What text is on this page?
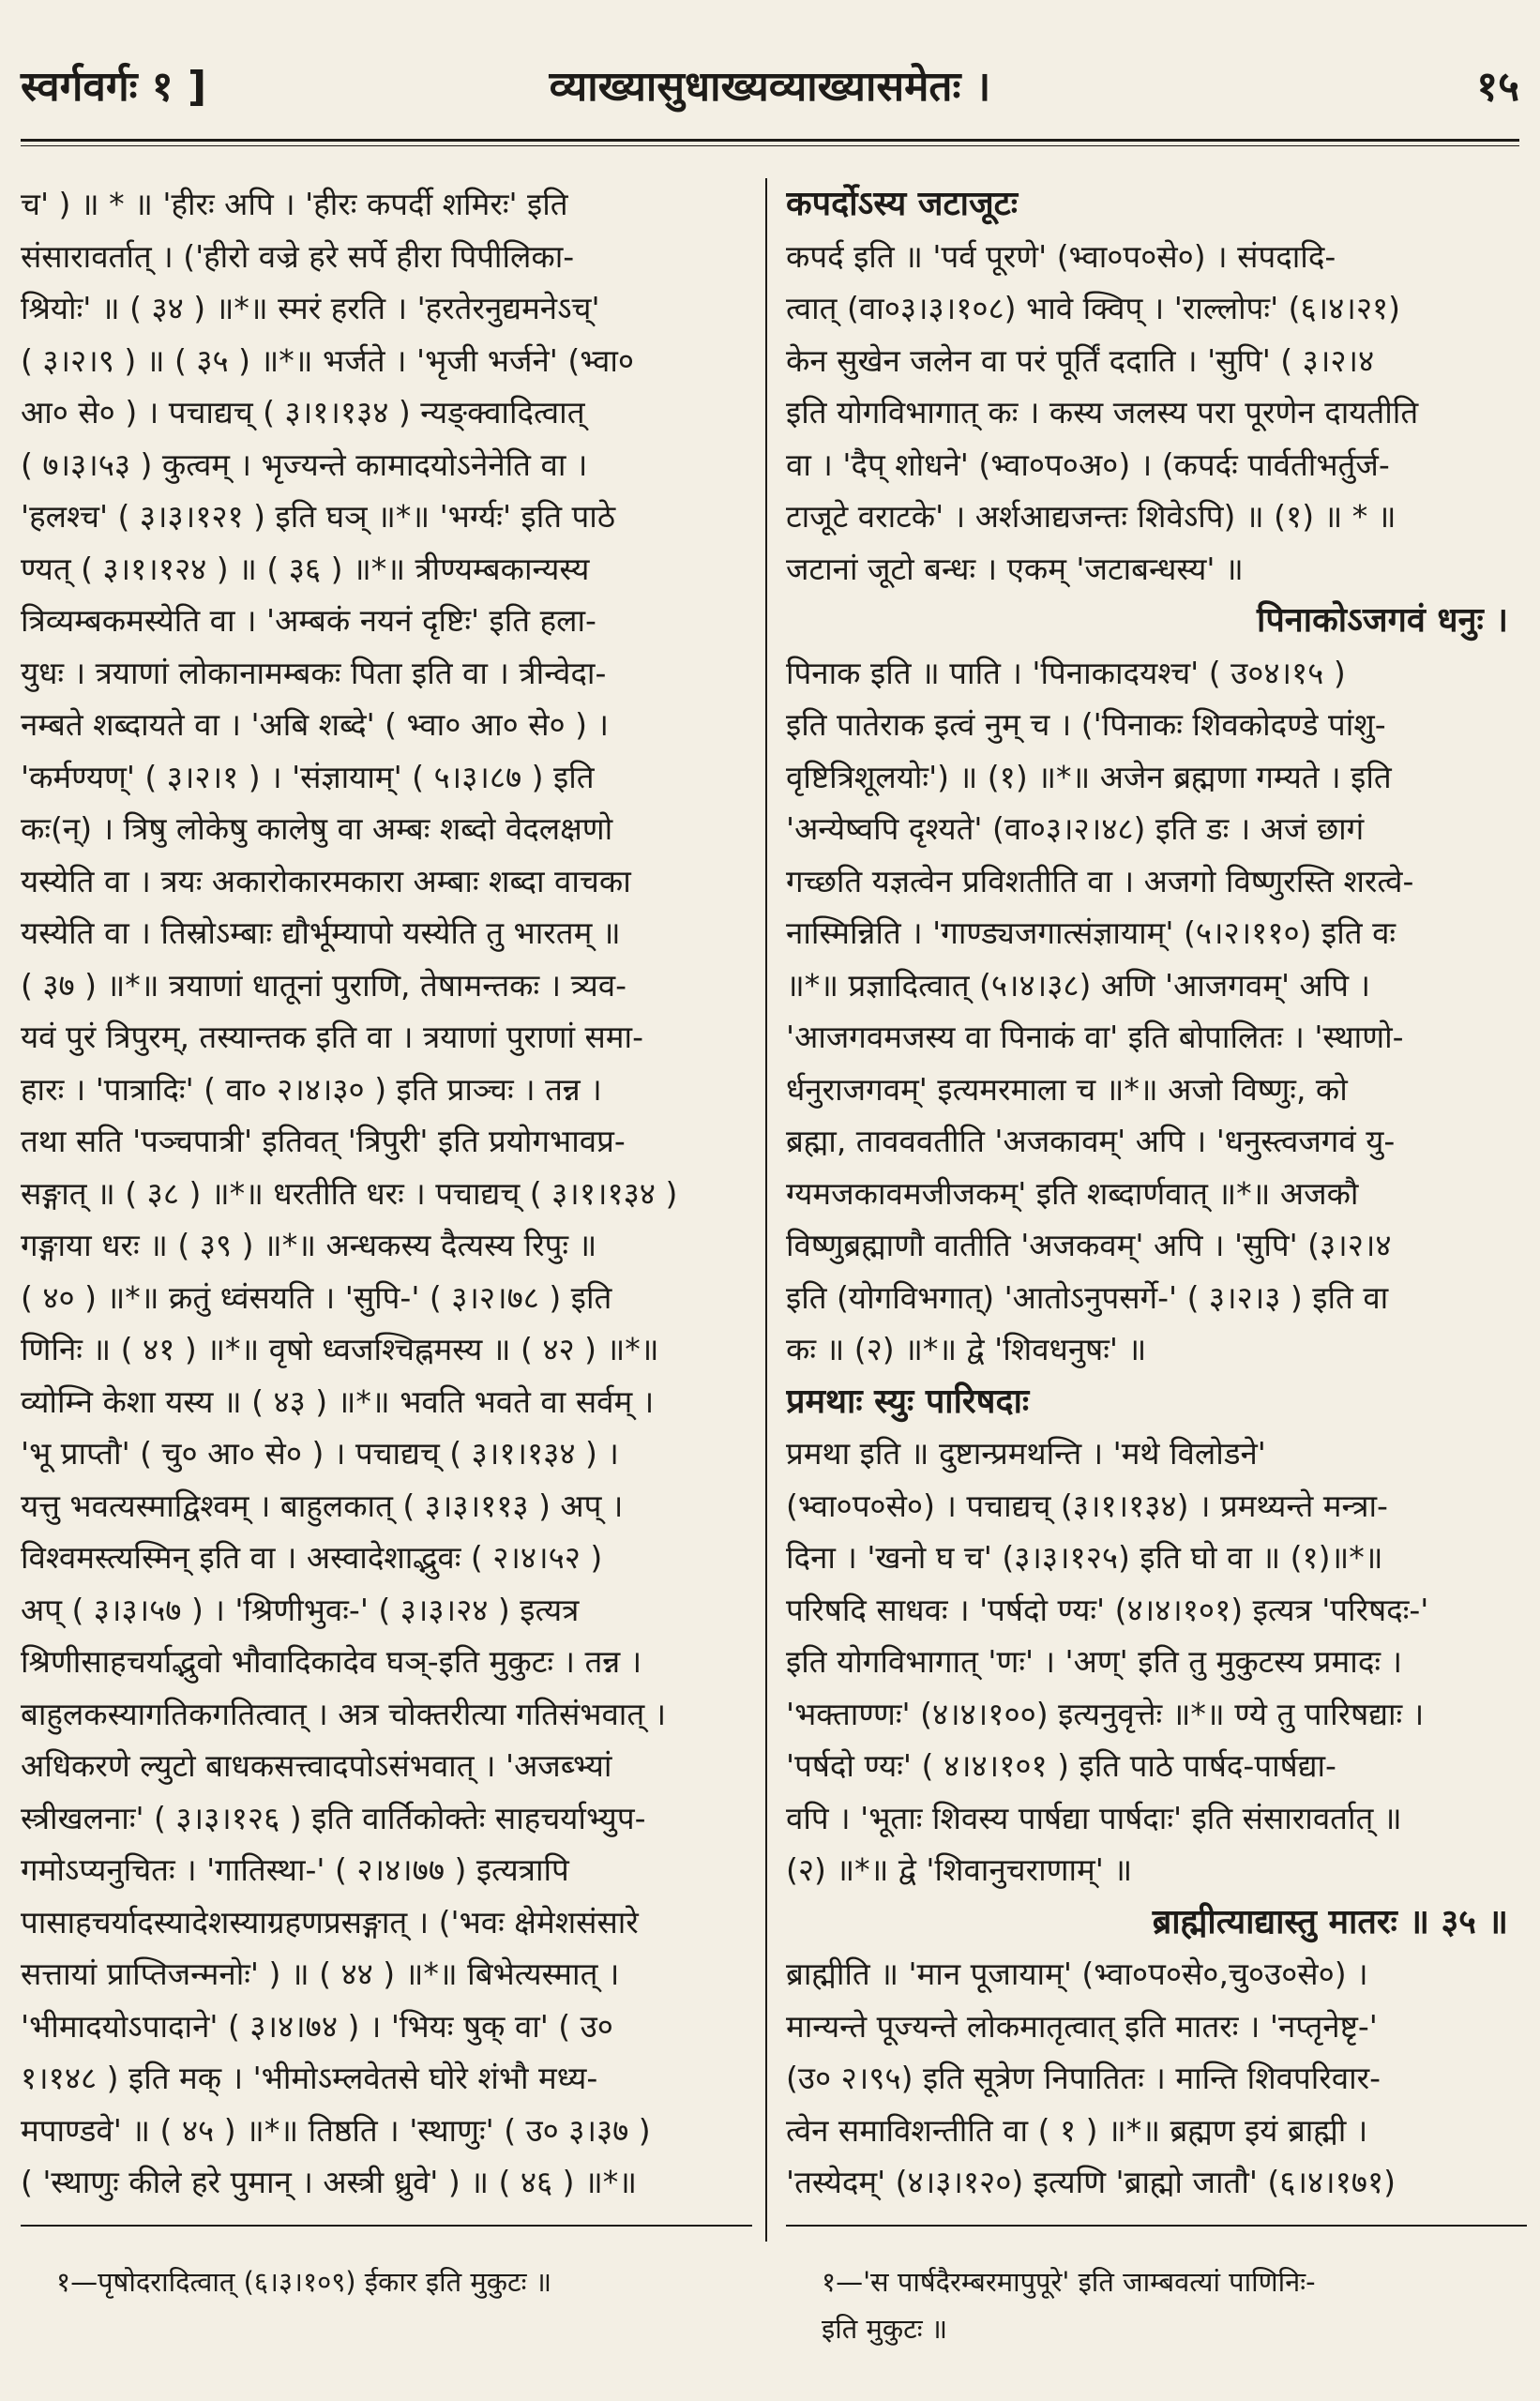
स्वर्गवर्गः १ ]	व्याख्यासुधाख्यव्याख्यासमेतः ।	१५
च' ) ॥ * ॥ 'हीरः अपि । 'हीरः कपर्दी शमिरः' इति
संसारावर्तात् । ('हीरो वज्रे हरे सर्पे हीरा पिपीलिका-
श्रियोः' ॥ ( ३४ ) ॥*॥ स्मरं हरति । 'हरतेरनुद्यमनेऽच्'
( ३।२।९ ) ॥ ( ३५ ) ॥*॥ भर्जते । 'भृजी भर्जने' (भ्वा०
आ० से० ) । पचाद्यच् ( ३।१।१३४ ) न्यङ्क्वादित्वात्
( ७।३।५३ ) कुत्वम् । भृज्यन्ते कामादयोऽनेनेति वा ।
'हलश्च' ( ३।३।१२१ ) इति घञ् ॥*॥ 'भर्ग्यः' इति पाठे
ण्यत् ( ३।१।१२४ ) ॥ ( ३६ ) ॥*॥ त्रीण्यम्बकान्यस्य
त्रिव्यम्बकमस्येति वा । 'अम्बकं नयनं दृष्टिः' इति हला-
युधः । त्रयाणां लोकानामम्बकः पिता इति वा । त्रीन्वेदा-
नम्बते शब्दायते वा । 'अबि शब्दे' ( भ्वा० आ० से० ) ।
'कर्मण्यण्' ( ३।२।१ ) । 'संज्ञायाम्' ( ५।३।८७ ) इति
कः(न्) । त्रिषु लोकेषु कालेषु वा अम्बः शब्दो वेदलक्षणो
यस्येति वा । त्रयः अकारोकारमकारा अम्बाः शब्दा वाचका
यस्येति वा । तिस्रोऽम्बाः द्यौर्भूम्यापो यस्येति तु भारतम् ॥
( ३७ ) ॥*॥ त्रयाणां धातूनां पुराणि, तेषामन्तकः । त्र्यव-
यवं पुरं त्रिपुरम्, तस्यान्तक इति वा । त्रयाणां पुराणां समा-
हारः । 'पात्रादिः' ( वा० २।४।३० ) इति प्राञ्चः । तन्न ।
तथा सति 'पञ्चपात्री' इतिवत् 'त्रिपुरी' इति प्रयोगभावप्र-
सङ्गात् ॥ ( ३८ ) ॥*॥ धरतीति धरः । पचाद्यच् ( ३।१।१३४ )
गङ्गाया धरः ॥ ( ३९ ) ॥*॥ अन्धकस्य दैत्यस्य रिपुः ॥
( ४० ) ॥*॥ क्रतुं ध्वंसयति । 'सुपि-' ( ३।२।७८ ) इति
णिनिः ॥ ( ४१ ) ॥*॥ वृषो ध्वजश्चिह्नमस्य ॥ ( ४२ ) ॥*॥
व्योम्नि केशा यस्य ॥ ( ४३ ) ॥*॥ भवति भवते वा सर्वम् ।
'भू प्राप्तौ' ( चु० आ० से० ) । पचाद्यच् ( ३।१।१३४ ) ।
यत्तु भवत्यस्माद्विश्वम् । बाहुलकात् ( ३।३।११३ ) अप् ।
विश्वमस्त्यस्मिन् इति वा । अस्वादेशाद्भुवः ( २।४।५२ )
अप् ( ३।३।५७ ) । 'श्रिणीभुवः-' ( ३।३।२४ ) इत्यत्र
श्रिणीसाहचर्याद्भुवो भौवादिकादेव घञ्-इति मुकुटः । तन्न ।
बाहुलकस्यागतिकगतित्वात् । अत्र चोक्तरीत्या गतिसंभवात् ।
अधिकरणे ल्युटो बाधकसत्त्वादपोऽसंभवात् । 'अजब्भ्यां
स्त्रीखलनाः' ( ३।३।१२६ ) इति वार्तिकोक्तेः साहचर्याभ्युप-
गमोऽप्यनुचितः । 'गातिस्था-' ( २।४।७७ ) इत्यत्रापि
पासाहचर्यादस्यादेशस्याग्रहणप्रसङ्गात् । ('भवः क्षेमेशसंसारे
सत्तायां प्राप्तिजन्मनोः' ) ॥ ( ४४ ) ॥*॥ बिभेत्यस्मात् ।
'भीमादयोऽपादाने' ( ३।४।७४ ) । 'भियः षुक् वा' ( उ०
१।१४८ ) इति मक् । 'भीमोऽम्लवेतसे घोरे शंभौ मध्य-
मपाण्डवे' ॥ ( ४५ ) ॥*॥ तिष्ठति । 'स्थाणुः' ( उ० ३।३७ )
( 'स्थाणुः कीले हरे पुमान् । अस्त्री ध्रुवे' ) ॥ ( ४६ ) ॥*॥
कपर्दोऽस्य जटाजूटः
कपर्द इति ॥ 'पर्व पूरणे' (भ्वा०प०से०) । संपदादि-
त्वात् (वा०३।३।१०८) भावे क्विप् । 'राल्लोपः' (६।४।२१)
केन सुखेन जलेन वा परं पूर्तिं ददाति । 'सुपि' ( ३।२।४
इति योगविभागात् कः । कस्य जलस्य परा पूरणेन दायतीति
वा । 'दैप् शोधने' (भ्वा०प०अ०) । (कपर्दः पार्वतीभर्तुर्ज-
टाजूटे वराटके' । अर्शआद्यजन्तः शिवेऽपि) ॥ (१) ॥ * ॥
जटानां जूटो बन्धः । एकम् 'जटाबन्धस्य' ॥
पिनाकोऽजगवं धनुः ।
पिनाक इति ॥ पाति । 'पिनाकादयश्च' ( उ०४।१५ )
इति पातेराक इत्वं नुम् च । ('पिनाकः शिवकोदण्डे पांशु-
वृष्टित्रिशूलयोः') ॥ (१) ॥*॥ अजेन ब्रह्मणा गम्यते । इति
'अन्येष्वपि दृश्यते' (वा०३।२।४८) इति डः । अजं छागं
गच्छति यज्ञत्वेन प्रविशतीति वा । अजगो विष्णुरस्ति शरत्वे-
नास्मिन्निति । 'गाण्ड्यजगात्संज्ञायाम्' (५।२।११०) इति वः
॥*॥ प्रज्ञादित्वात् (५।४।३८) अणि 'आजगवम्' अपि ।
'आजगवमजस्य वा पिनाकं वा' इति बोपालितः । 'स्थाणो-
र्धनुराजगवम्' इत्यमरमाला च ॥*॥ अजो विष्णुः, को
ब्रह्मा, तावववतीति 'अजकावम्' अपि । 'धनुस्त्वजगवं यु-
ग्यमजकावमजीजकम्' इति शब्दार्णवात् ॥*॥ अजकौ
विष्णुब्रह्माणौ वातीति 'अजकवम्' अपि । 'सुपि' (३।२।४
इति (योगविभगात्) 'आतोऽनुपसर्गे-' ( ३।२।३ ) इति वा
कः ॥ (२) ॥*॥ द्वे 'शिवधनुषः' ॥
प्रमथाः स्युः पारिषदाः
प्रमथा इति ॥ दुष्टान्प्रमथन्ति । 'मथे विलोडने'
(भ्वा०प०से०) । पचाद्यच् (३।१।१३४) । प्रमथ्यन्ते मन्त्रा-
दिना । 'खनो घ च' (३।३।१२५) इति घो वा ॥ (१)॥*॥
परिषदि साधवः । 'पर्षदो ण्यः' (४।४।१०१) इत्यत्र 'परिषदः-'
इति योगविभागात् 'णः' । 'अण्' इति तु मुकुटस्य प्रमादः ।
'भक्ताण्णः' (४।४।१००) इत्यनुवृत्तेः ॥*॥ ण्ये तु पारिषद्याः ।
'पर्षदो ण्यः' ( ४।४।१०१ ) इति पाठे पार्षद-पार्षद्या-
वपि । 'भूताः शिवस्य पार्षद्या पार्षदाः' इति संसारावर्तात् ॥
(२) ॥*॥ द्वे 'शिवानुचराणाम्' ॥
ब्राह्मीत्याद्यास्तु मातरः ॥ ३५ ॥
ब्राह्मीति ॥ 'मान पूजायाम्' (भ्वा०प०से०,चु०उ०से०) ।
मान्यन्ते पूज्यन्ते लोकमातृत्वात् इति मातरः । 'नप्तृनेष्टृ-'
(उ० २।९५) इति सूत्रेण निपातितः । मान्ति शिवपरिवार-
त्वेन समाविशन्तीति वा ( १ ) ॥*॥ ब्रह्मण इयं ब्राह्मी ।
'तस्येदम्' (४।३।१२०) इत्यणि 'ब्राह्मो जातौ' (६।४।१७१)
१—पृषोदरादित्वात् (६।३।१०९) ईकार इति मुकुटः ॥	१—'स पार्षदैरम्बरमापुपूरे' इति जाम्बवत्यां पाणिनिः-
इति मुकुटः ॥
